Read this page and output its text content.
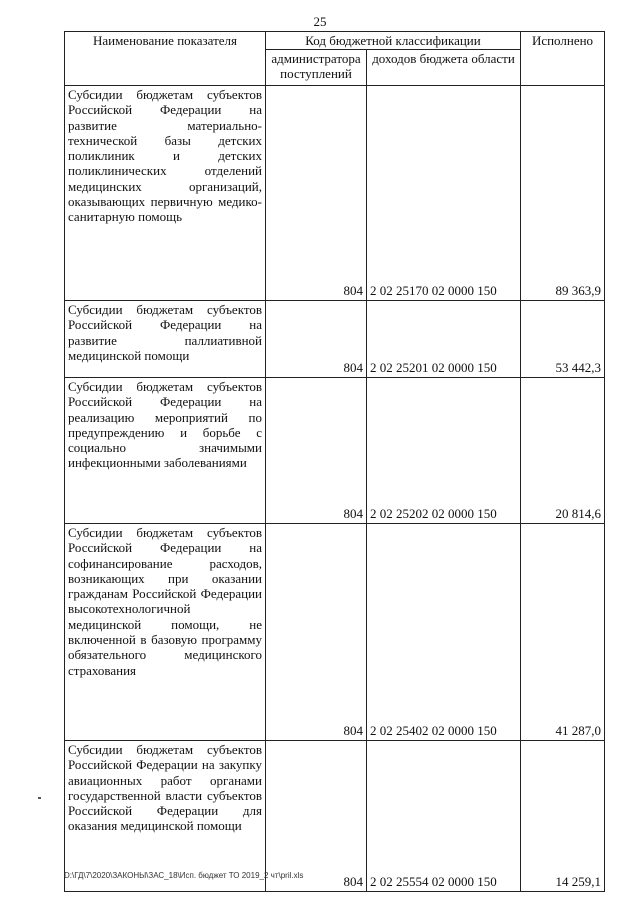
25
Наименование показателя	Код бюджетной классификации		Исполнено
	администратора поступлений	доходов бюджета области	
Субсидии бюджетам субъектов Российской Федерации на развитие материально-технической базы детских поликлиник и детских поликлинических отделений медицинских организаций, оказывающих первичную медико-санитарную помощь	804	2 02 25170 02 0000 150	89 363,9
Субсидии бюджетам субъектов Российской Федерации на развитие паллиативной медицинской помощи	804	2 02 25201 02 0000 150	53 442,3
Субсидии бюджетам субъектов Российской Федерации на реализацию мероприятий по предупреждению и борьбе с социально значимыми инфекционными заболеваниями	804	2 02 25202 02 0000 150	20 814,6
Субсидии бюджетам субъектов Российской Федерации на софинансирование расходов, возникающих при оказании гражданам Российской Федерации высокотехнологичной медицинской помощи, не включенной в базовую программу обязательного медицинского страхования	804	2 02 25402 02 0000 150	41 287,0
Субсидии бюджетам субъектов Российской Федерации на закупку авиационных работ органами государственной власти субъектов Российской Федерации для оказания медицинской помощи	804	2 02 25554 02 0000 150	14 259,1
D:\ГД\7\2020\ЗАКОНЫ\ЗАС_18\Исп. бюджет ТО 2019_2 чт\pril.xls
